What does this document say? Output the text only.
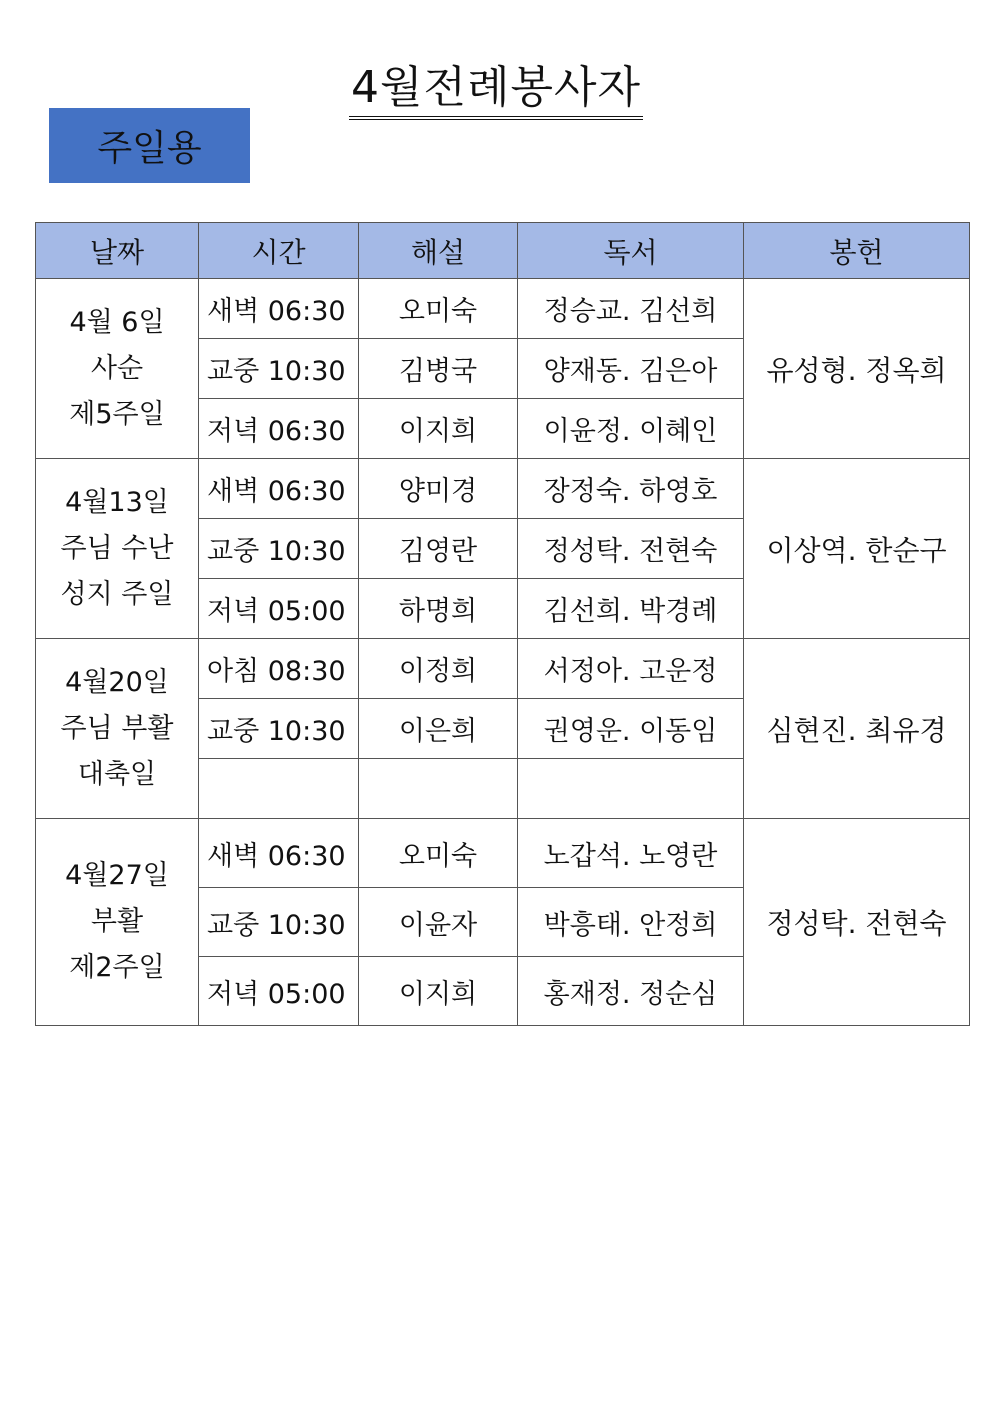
4월전례봉사자
주일용
날짜	시간	해설	독서	봉헌

4월 6일
사순
제5주일	새벽 06:30	오미숙	정승교. 김선희	유성형. 정옥희
	교중 10:30	김병국	양재동. 김은아	
	저녁 06:30	이지희	이윤정. 이혜인	

4월13일
주님 수난
성지 주일	새벽 06:30	양미경	장정숙. 하영호	이상역. 한순구
	교중 10:30	김영란	정성탁. 전현숙	
	저녁 05:00	하명희	김선희. 박경례	

4월20일
주님 부활
대축일	아침 08:30	이정희	서정아. 고운정	심현진. 최유경
	교중 10:30	이은희	권영운. 이동임	

4월27일
부활
제2주일	새벽 06:30	오미숙	노갑석. 노영란	정성탁. 전현숙
	교중 10:30	이윤자	박흥태. 안정희	
	저녁 05:00	이지희	홍재정. 정순심	
